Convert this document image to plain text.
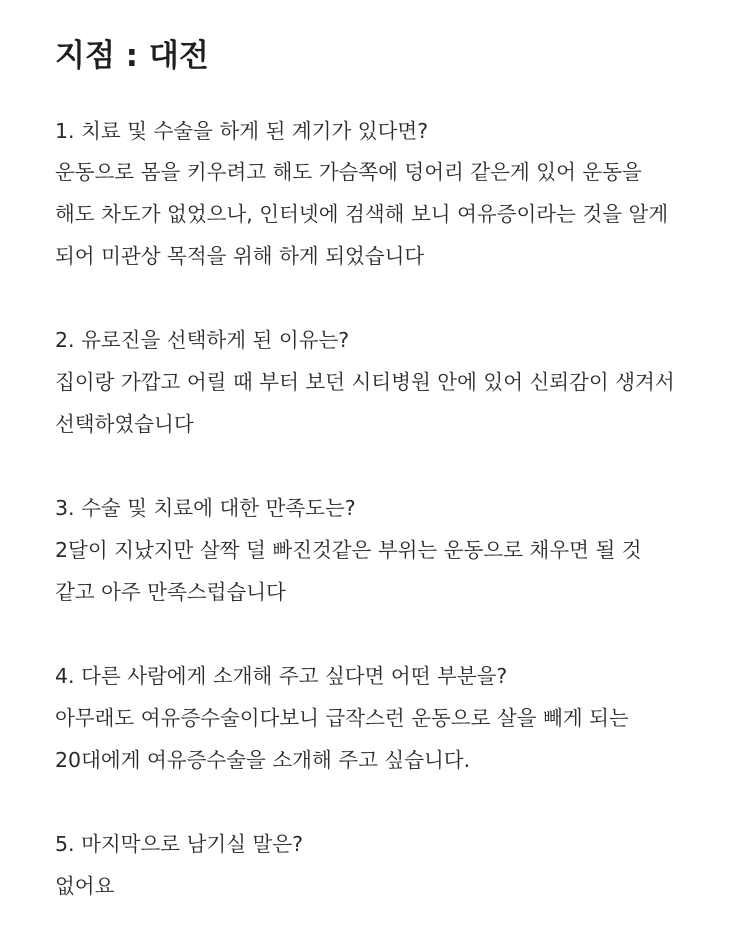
지점 : 대전
1. 치료 및 수술을 하게 된 계기가 있다면?
운동으로 몸을 키우려고 해도 가슴쪽에 덩어리 같은게 있어 운동을
해도 차도가 없었으나, 인터넷에 검색해 보니 여유증이라는 것을 알게
되어 미관상 목적을 위해 하게 되었습니다
2. 유로진을 선택하게 된 이유는?
집이랑 가깝고 어릴 때 부터 보던 시티병원 안에 있어 신뢰감이 생겨서
선택하였습니다
3. 수술 및 치료에 대한 만족도는?
2달이 지났지만 살짝 덜 빠진것같은 부위는 운동으로 채우면 될 것
같고 아주 만족스럽습니다
4. 다른 사람에게 소개해 주고 싶다면 어떤 부분을?
아무래도 여유증수술이다보니 급작스런 운동으로 살을 빼게 되는
20대에게 여유증수술을 소개해 주고 싶습니다.
5. 마지막으로 남기실 말은?
없어요
